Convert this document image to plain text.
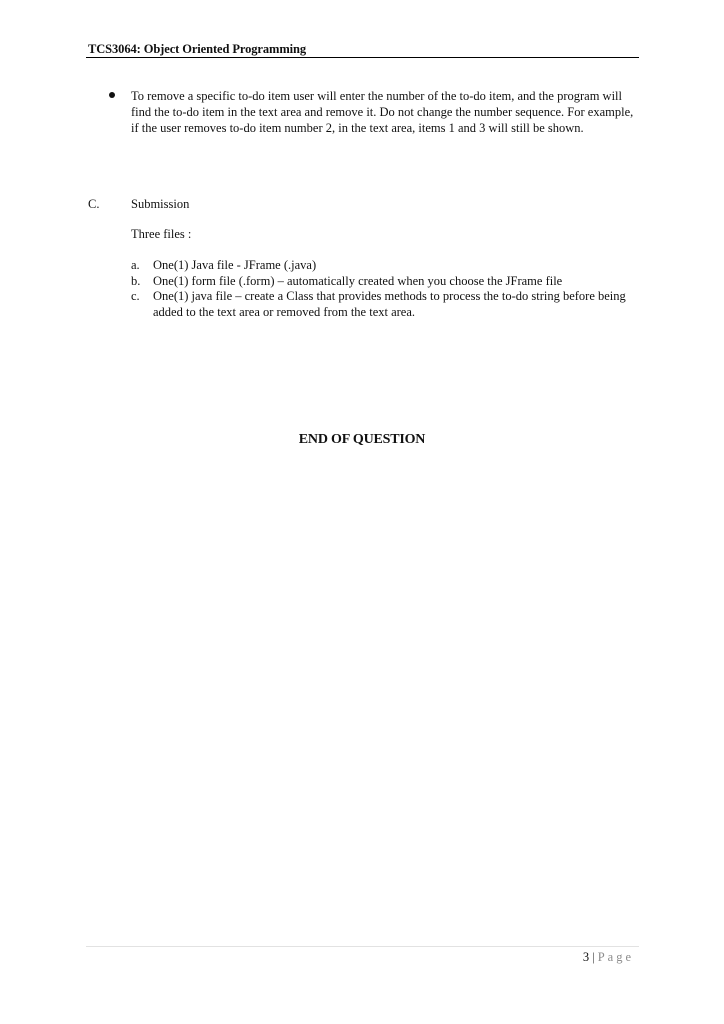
TCS3064: Object Oriented Programming
To remove a specific to-do item user will enter the number of the to-do item, and the program will find the to-do item in the text area and remove it. Do not change the number sequence. For example, if the user removes to-do item number 2, in the text area, items 1 and 3 will still be shown.
C.	Submission
Three files :
a. One(1) Java file - JFrame (.java)
b. One(1) form file (.form) – automatically created when you choose the JFrame file
c. One(1) java file – create a Class that provides methods to process the to-do string before being added to the text area or removed from the text area.
END OF QUESTION
3 | Page
